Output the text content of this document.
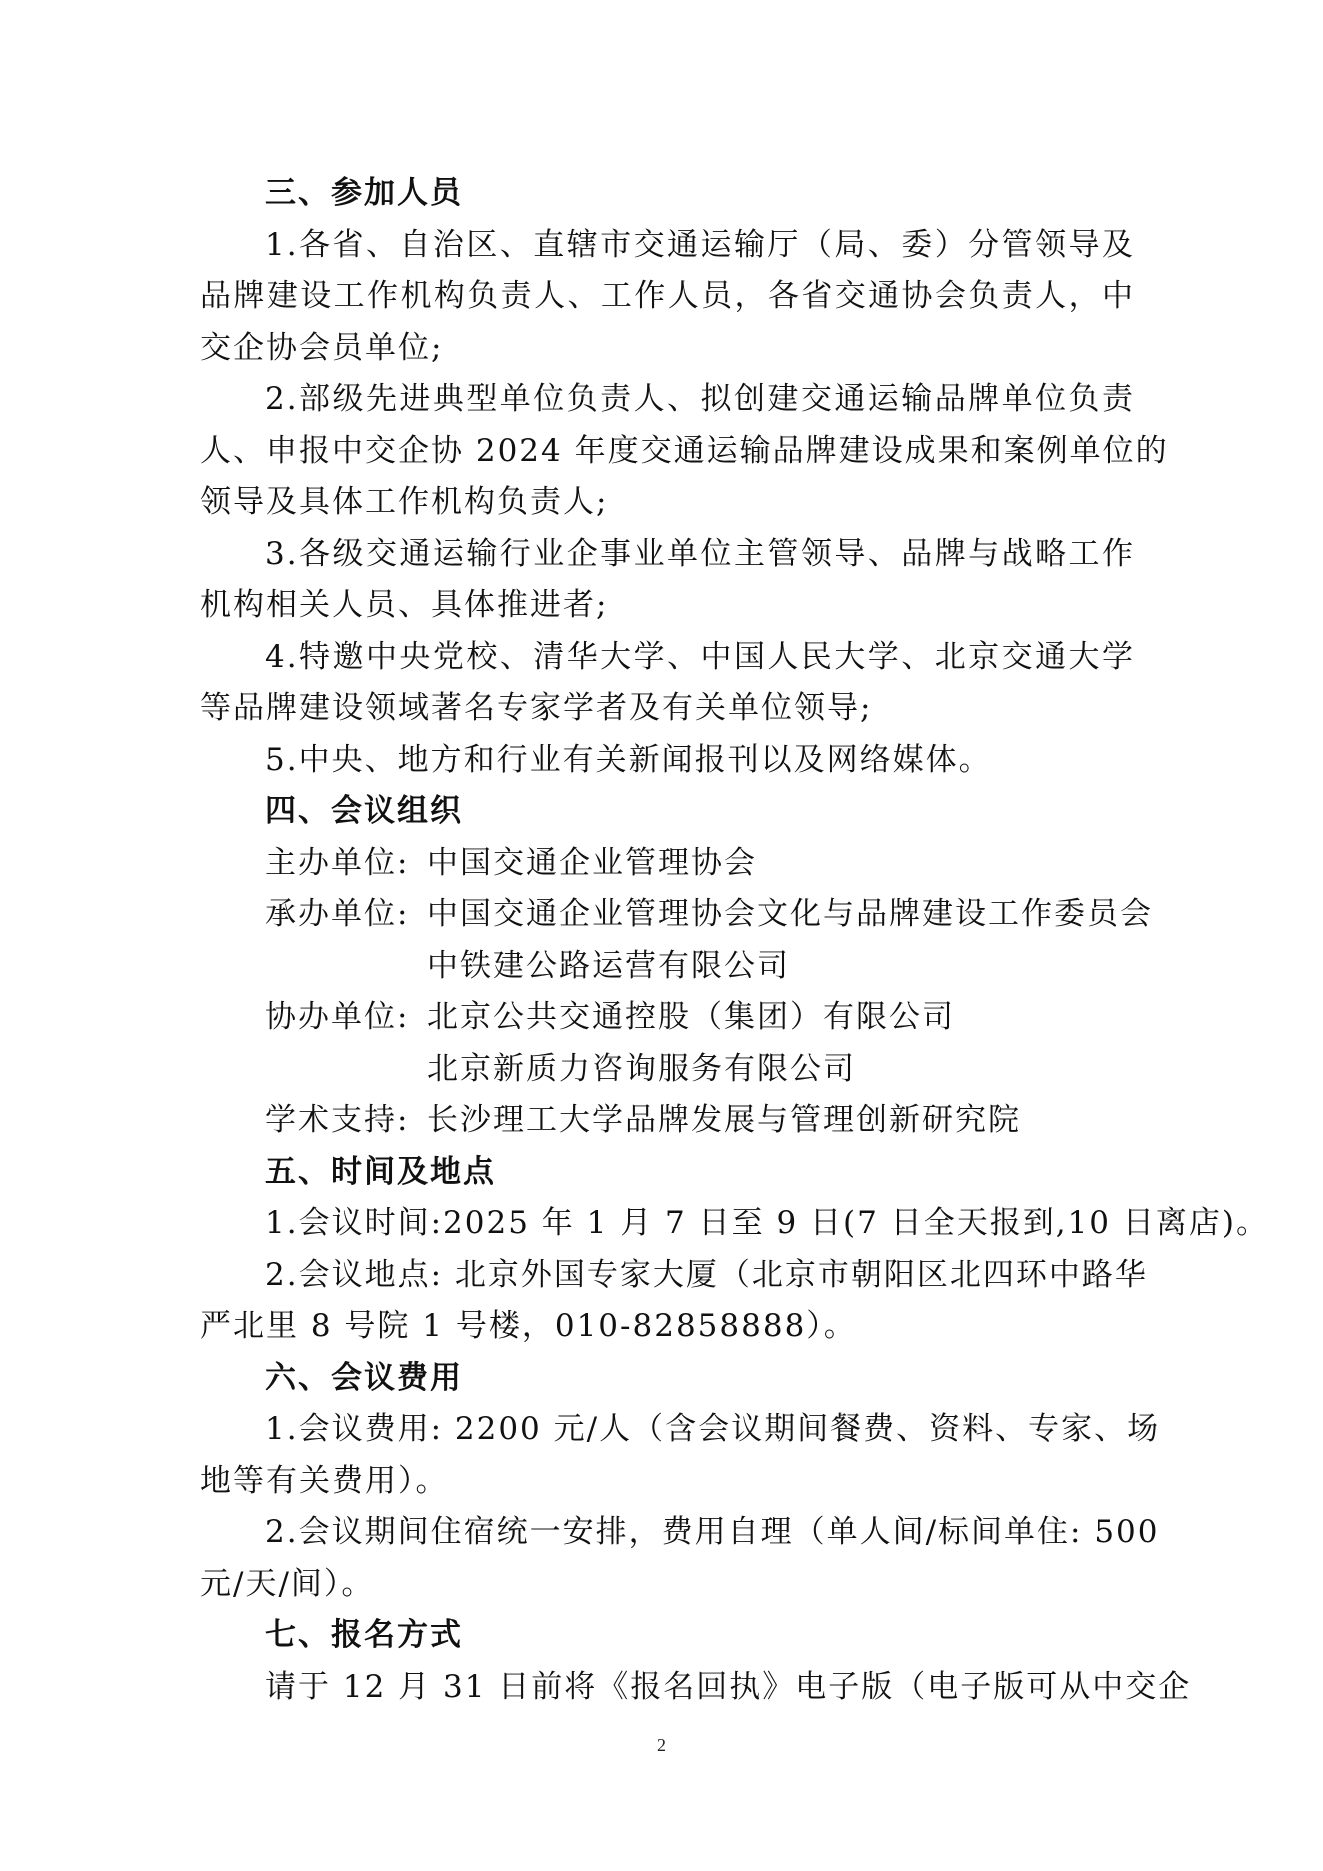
三、参加人员
1.各省、自治区、直辖市交通运输厅（局、委）分管领导及
品牌建设工作机构负责人、工作人员，各省交通协会负责人，中
交企协会员单位;
2.部级先进典型单位负责人、拟创建交通运输品牌单位负责
人、申报中交企协 2024 年度交通运输品牌建设成果和案例单位的
领导及具体工作机构负责人;
3.各级交通运输行业企事业单位主管领导、品牌与战略工作
机构相关人员、具体推进者;
4.特邀中央党校、清华大学、中国人民大学、北京交通大学
等品牌建设领域著名专家学者及有关单位领导;
5.中央、地方和行业有关新闻报刊以及网络媒体。
四、会议组织
主办单位: 中国交通企业管理协会
承办单位: 中国交通企业管理协会文化与品牌建设工作委员会
中铁建公路运营有限公司
协办单位: 北京公共交通控股（集团）有限公司
北京新质力咨询服务有限公司
学术支持: 长沙理工大学品牌发展与管理创新研究院
五、时间及地点
1.会议时间:2025 年 1 月 7 日至 9 日(7 日全天报到,10 日离店)。
2.会议地点: 北京外国专家大厦（北京市朝阳区北四环中路华
严北里 8 号院 1 号楼，010-82858888）。
六、会议费用
1.会议费用: 2200 元/人（含会议期间餐费、资料、专家、场
地等有关费用）。
2.会议期间住宿统一安排，费用自理（单人间/标间单住: 500
元/天/间）。
七、报名方式
请于 12 月 31 日前将《报名回执》电子版（电子版可从中交企
2
